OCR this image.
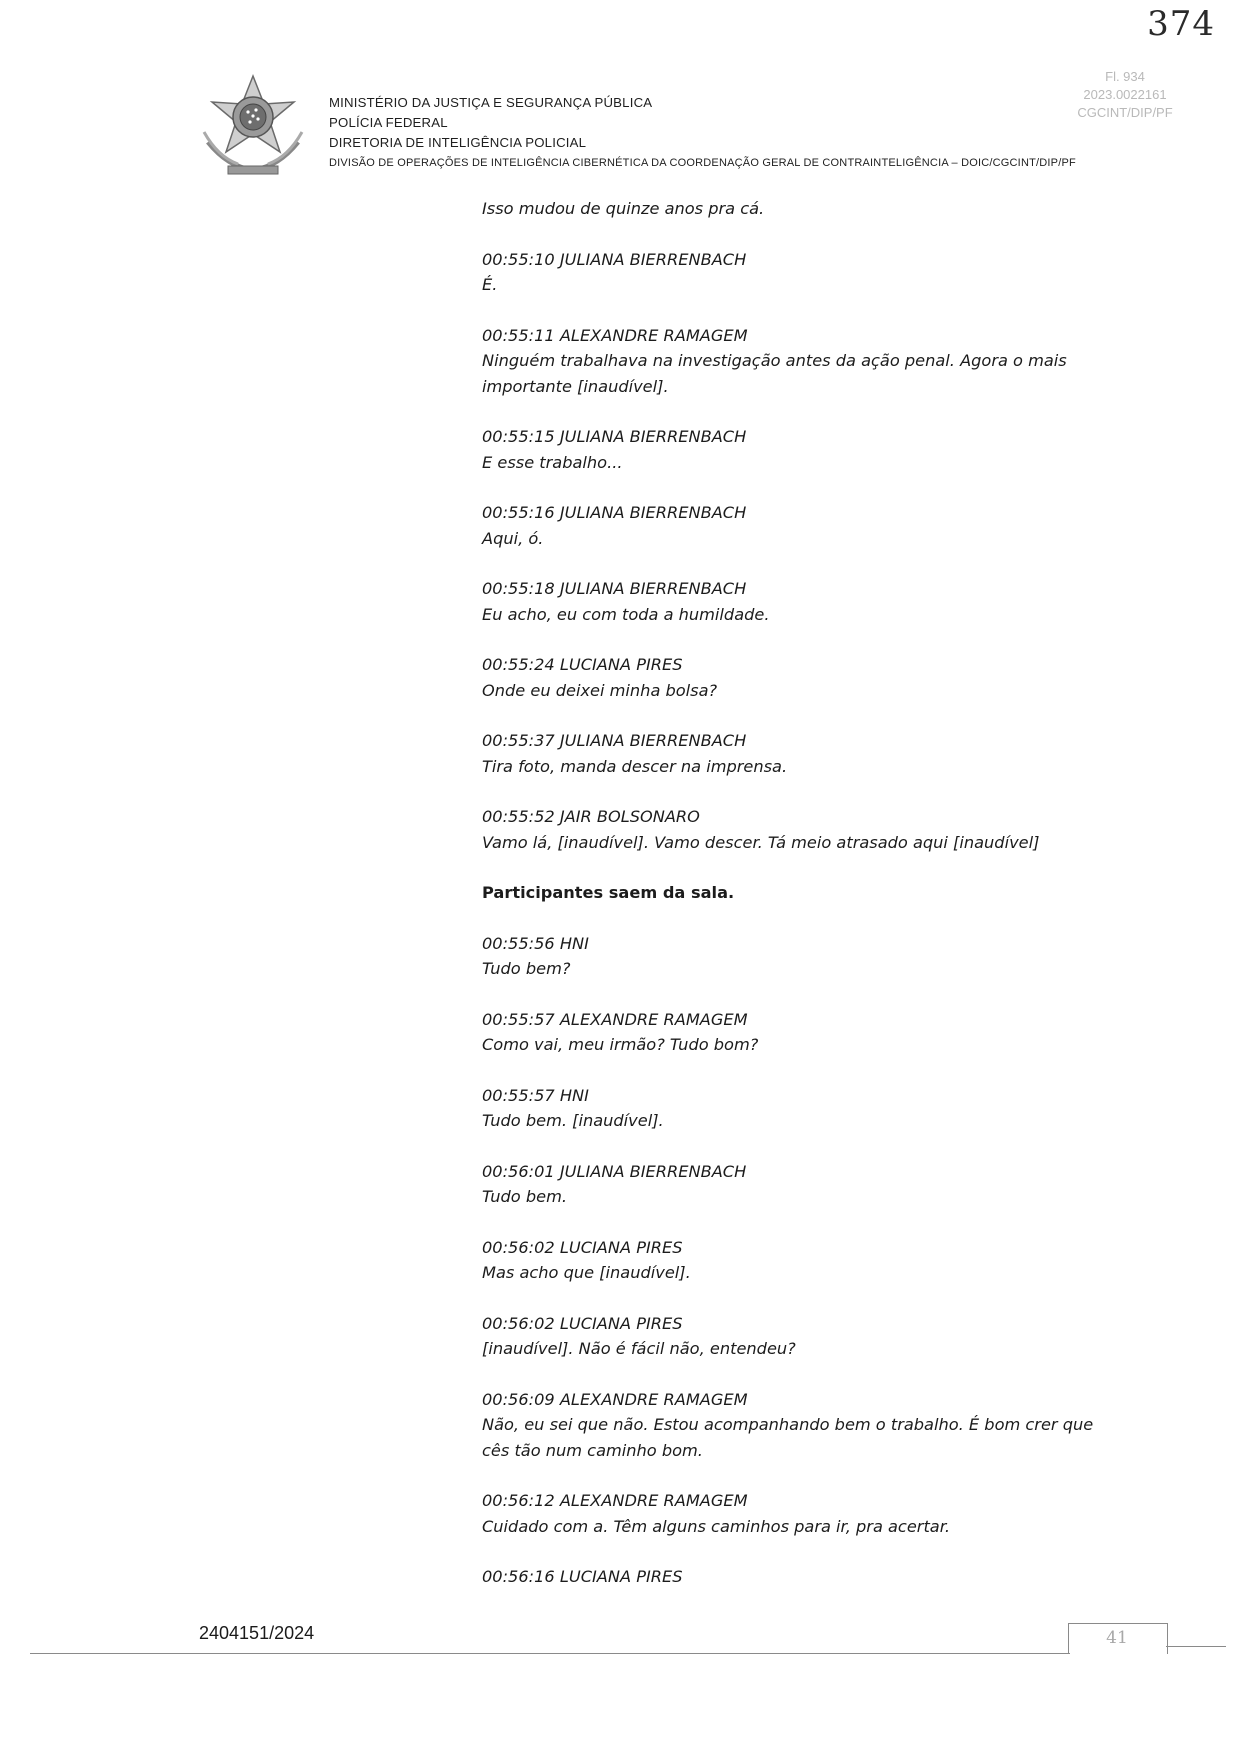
374
Fl. 934
2023.0022161
CGCINT/DIP/PF
MINISTÉRIO DA JUSTIÇA E SEGURANÇA PÚBLICA
POLÍCIA FEDERAL
DIRETORIA DE INTELIGÊNCIA POLICIAL
DIVISÃO DE OPERAÇÕES DE INTELIGÊNCIA CIBERNÉTICA DA COORDENAÇÃO GERAL DE CONTRAINTELIGÊNCIA – DOIC/CGCINT/DIP/PF
Isso mudou de quinze anos pra cá.
00:55:10 JULIANA BIERRENBACH
É.
00:55:11 ALEXANDRE RAMAGEM
Ninguém trabalhava na investigação antes da ação penal. Agora o mais importante [inaudível].
00:55:15 JULIANA BIERRENBACH
E esse trabalho...
00:55:16 JULIANA BIERRENBACH
Aqui, ó.
00:55:18 JULIANA BIERRENBACH
Eu acho, eu com toda a humildade.
00:55:24 LUCIANA PIRES
Onde eu deixei minha bolsa?
00:55:37 JULIANA BIERRENBACH
Tira foto, manda descer na imprensa.
00:55:52 JAIR BOLSONARO
Vamo lá, [inaudível]. Vamo descer. Tá meio atrasado aqui [inaudível]
Participantes saem da sala.
00:55:56 HNI
Tudo bem?
00:55:57 ALEXANDRE RAMAGEM
Como vai, meu irmão? Tudo bom?
00:55:57 HNI
Tudo bem. [inaudível].
00:56:01 JULIANA BIERRENBACH
Tudo bem.
00:56:02 LUCIANA PIRES
Mas acho que [inaudível].
00:56:02 LUCIANA PIRES
[inaudível]. Não é fácil não, entendeu?
00:56:09 ALEXANDRE RAMAGEM
Não, eu sei que não. Estou acompanhando bem o trabalho. É bom crer que cês tão num caminho bom.
00:56:12 ALEXANDRE RAMAGEM
Cuidado com a. Têm alguns caminhos para ir, pra acertar.
00:56:16 LUCIANA PIRES
2404151/2024	41
